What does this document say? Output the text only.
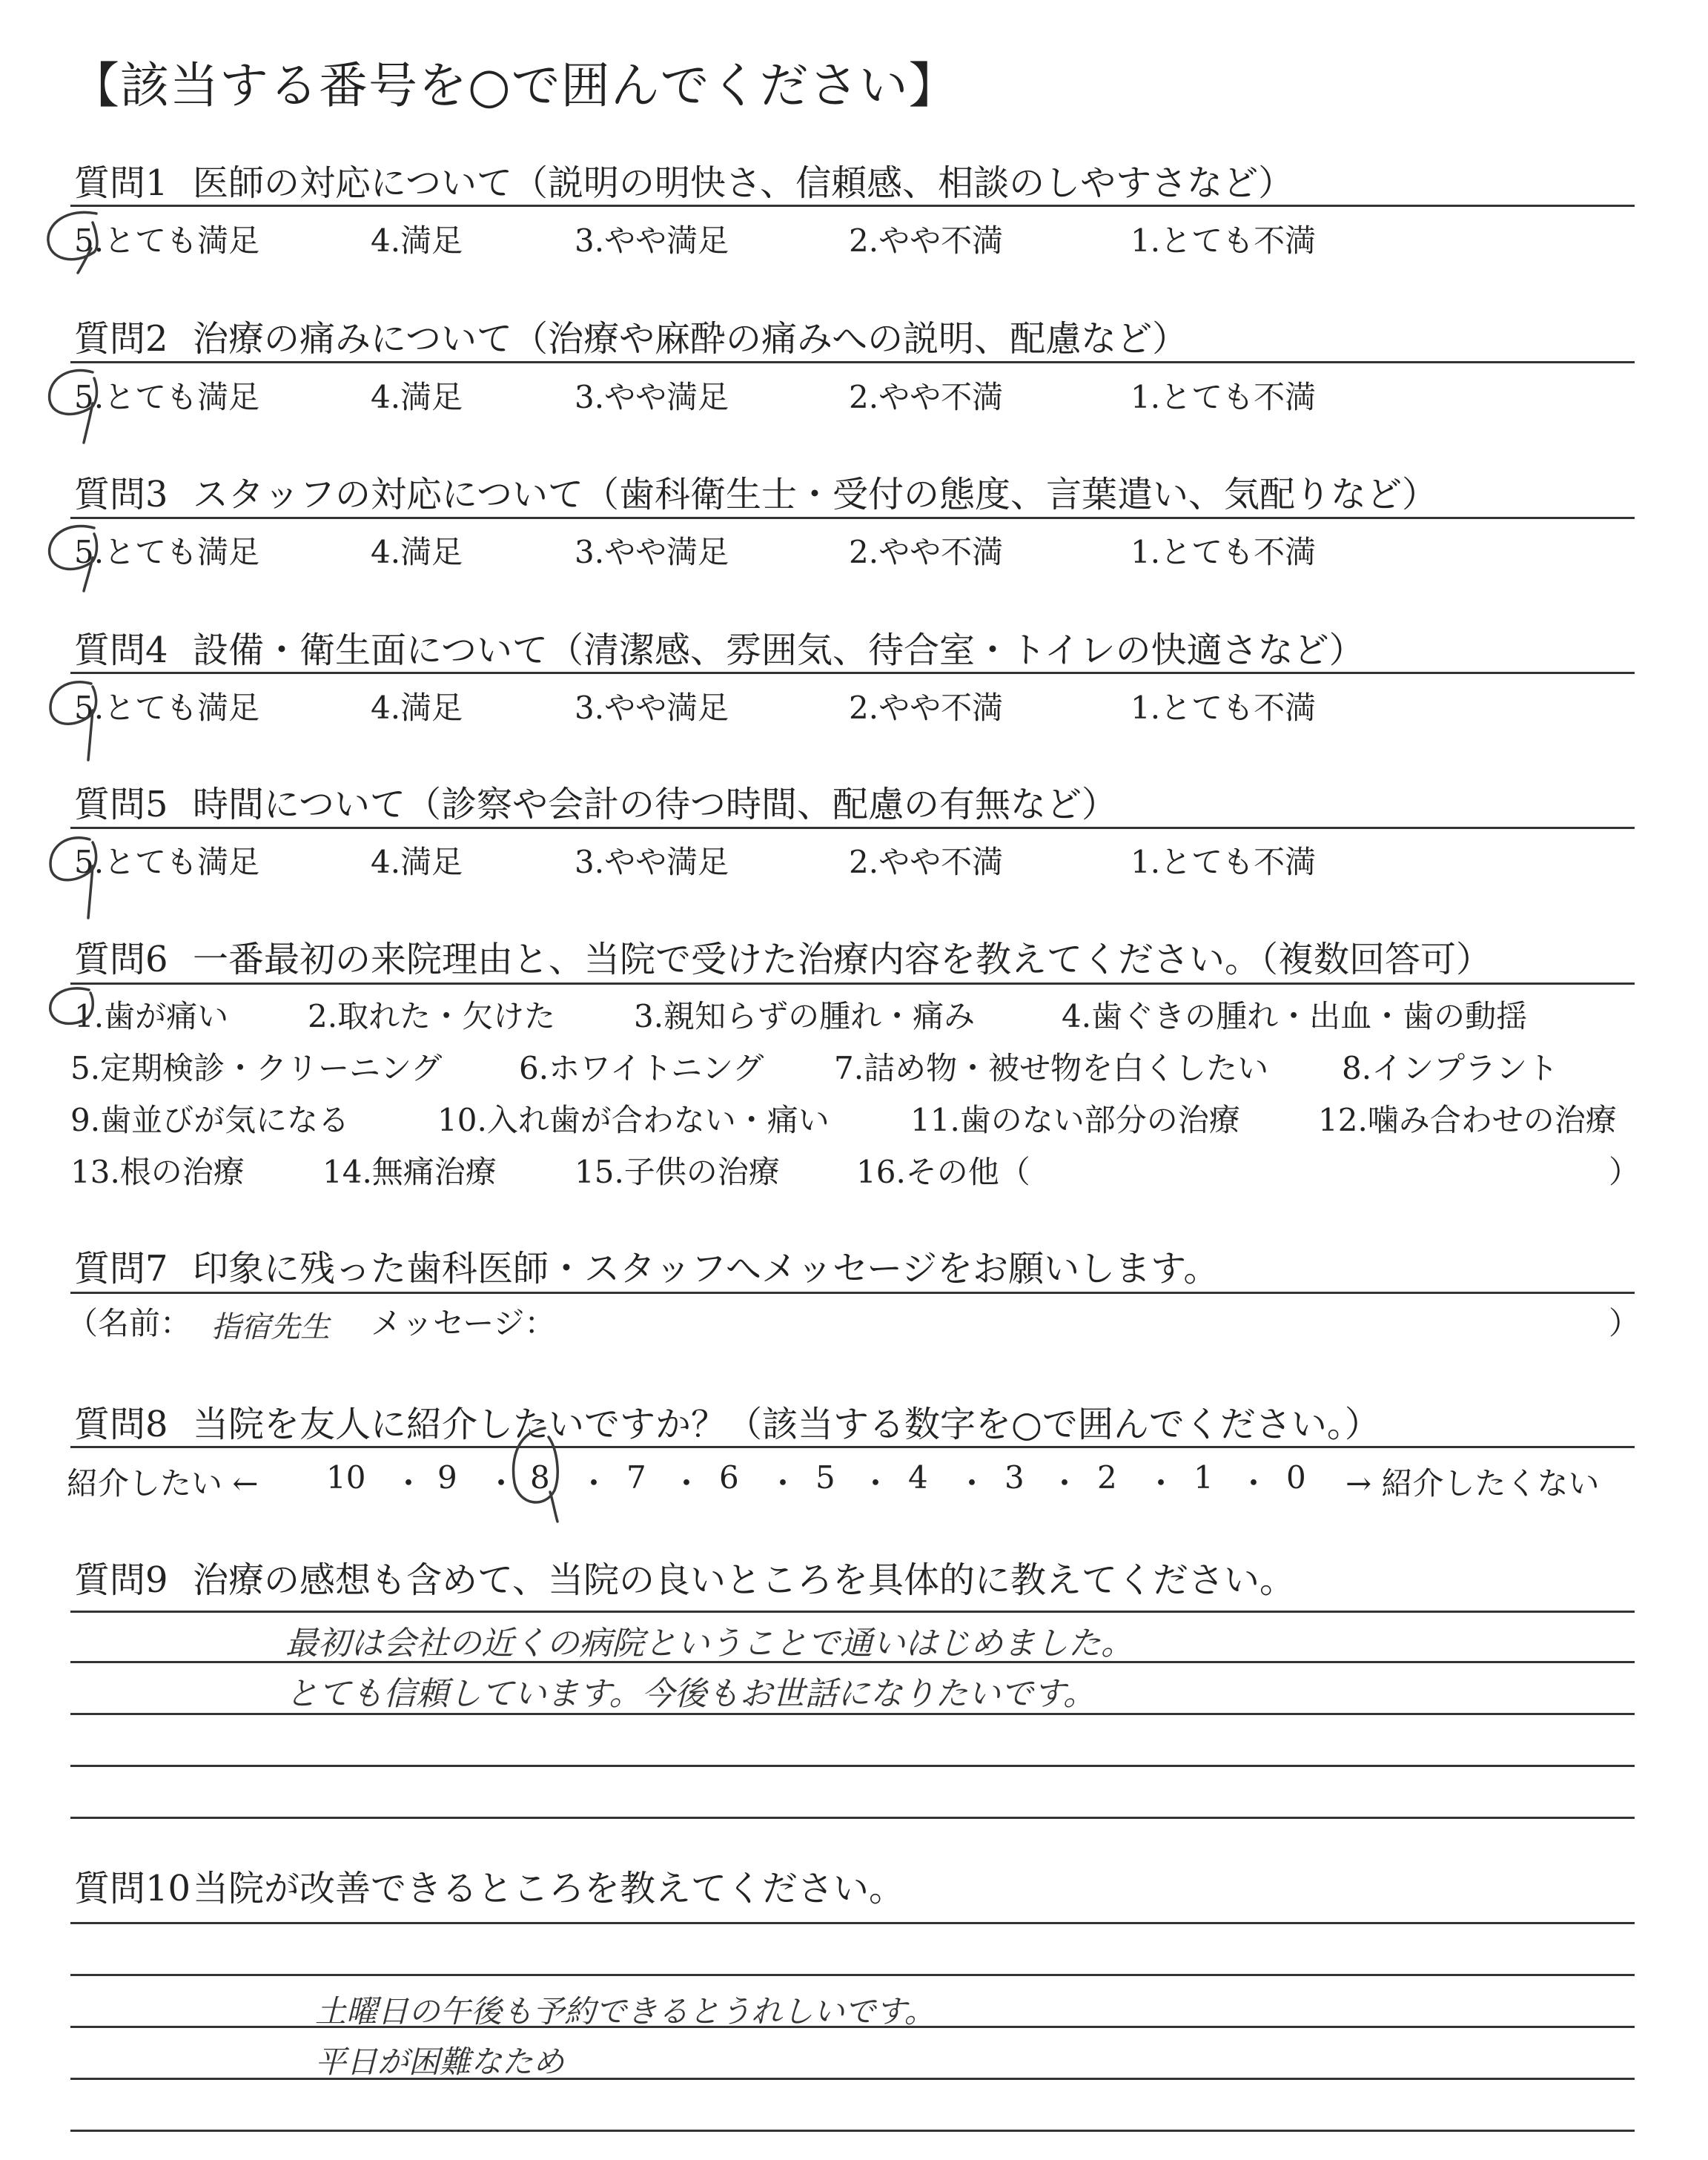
【該当する番号を○で囲んでください】
質問1 医師の対応について（説明の明快さ、信頼感、相談のしやすさなど）
5.とても満足	4.満足	3.やや満足	2.やや不満	1.とても不満
質問2 治療の痛みについて（治療や麻酔の痛みへの説明、配慮など）
5.とても満足	4.満足	3.やや満足	2.やや不満	1.とても不満
質問3 スタッフの対応について（歯科衛生士・受付の態度、言葉遣い、気配りなど）
5.とても満足	4.満足	3.やや満足	2.やや不満	1.とても不満
質問4 設備・衛生面について（清潔感、雰囲気、待合室・トイレの快適さなど）
5.とても満足	4.満足	3.やや満足	2.やや不満	1.とても不満
質問5 時間について（診察や会計の待つ時間、配慮の有無など）
5.とても満足	4.満足	3.やや満足	2.やや不満	1.とても不満
質問6 一番最初の来院理由と、当院で受けた治療内容を教えてください。（複数回答可）
1.歯が痛い	2.取れた・欠けた	3.親知らずの腫れ・痛み	4.歯ぐきの腫れ・出血・歯の動揺
5.定期検診・クリーニング 6.ホワイトニング 7.詰め物・被せ物を白くしたい 8.インプラント
9.歯並びが気になる	10.入れ歯が合わない・痛い	11.歯のない部分の治療	12.噛み合わせの治療
13.根の治療	14.無痛治療	15.子供の治療 16.その他（	）
質問7 印象に残った歯科医師・スタッフへメッセージをお願いします。
（名前： 指宿先生 メッセージ：	）
質問8 当院を友人に紹介したいですか？（該当する数字を○で囲んでください。）
紹介したい ← 10 ・ 9 ・ 8 ・ 7 ・ 6 ・ 5 ・ 4 ・ 3 ・ 2 ・ 1 ・ 0 → 紹介したくない
質問9 治療の感想も含めて、当院の良いところを具体的に教えてください。
最初は会社の近くの病院ということで通いはじめました。
とても信頼しています。今後もお世話になりたいです。
質問10当院が改善できるところを教えてください。
土曜日の午後も予約できるとうれしいです。
平日が困難なため
